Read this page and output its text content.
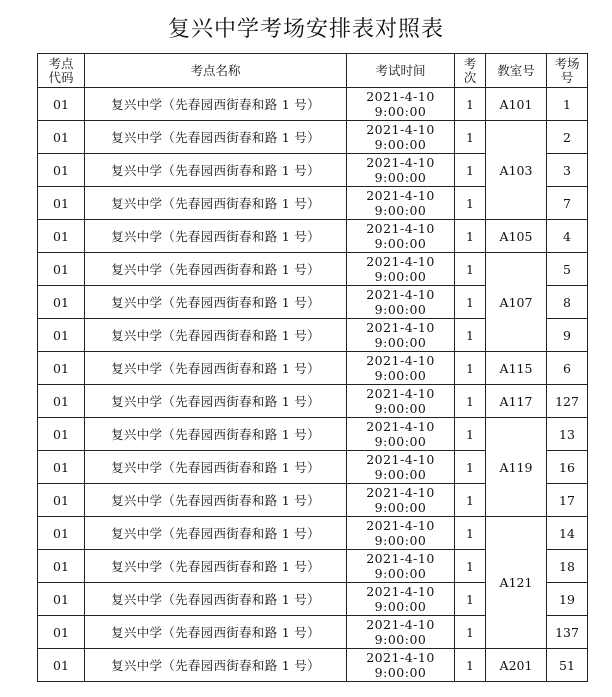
复兴中学考场安排表对照表
考点
代码	考点名称	考试时间	考
次	教室号	考场
号
01	复兴中学（先春园西街春和路 1 号）	2021-4-10
9:00:00	1	A101	1
01	复兴中学（先春园西街春和路 1 号）	2021-4-10
9:00:00	1	A103	2
01	复兴中学（先春园西街春和路 1 号）	2021-4-10
9:00:00	1		3
01	复兴中学（先春园西街春和路 1 号）	2021-4-10
9:00:00	1		7
01	复兴中学（先春园西街春和路 1 号）	2021-4-10
9:00:00	1	A105	4
01	复兴中学（先春园西街春和路 1 号）	2021-4-10
9:00:00	1	A107	5
01	复兴中学（先春园西街春和路 1 号）	2021-4-10
9:00:00	1		8
01	复兴中学（先春园西街春和路 1 号）	2021-4-10
9:00:00	1		9
01	复兴中学（先春园西街春和路 1 号）	2021-4-10
9:00:00	1	A115	6
01	复兴中学（先春园西街春和路 1 号）	2021-4-10
9:00:00	1	A117	127
01	复兴中学（先春园西街春和路 1 号）	2021-4-10
9:00:00	1	A119	13
01	复兴中学（先春园西街春和路 1 号）	2021-4-10
9:00:00	1		16
01	复兴中学（先春园西街春和路 1 号）	2021-4-10
9:00:00	1		17
01	复兴中学（先春园西街春和路 1 号）	2021-4-10
9:00:00	1	A121	14
01	复兴中学（先春园西街春和路 1 号）	2021-4-10
9:00:00	1		18
01	复兴中学（先春园西街春和路 1 号）	2021-4-10
9:00:00	1		19
01	复兴中学（先春园西街春和路 1 号）	2021-4-10
9:00:00	1		137
01	复兴中学（先春园西街春和路 1 号）	2021-4-10
9:00:00	1	A201	51
